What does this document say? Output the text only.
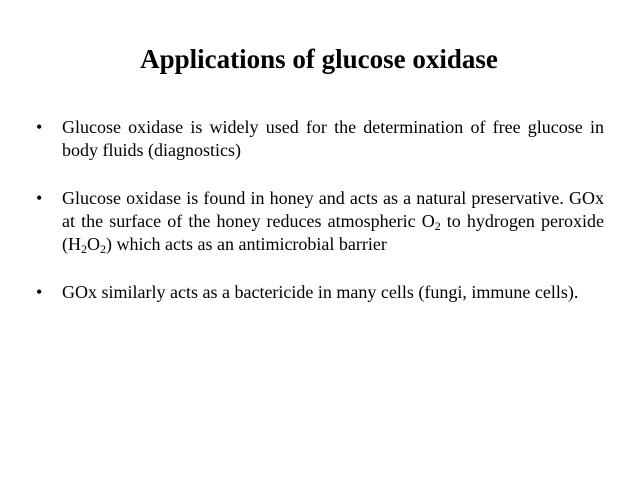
Applications of glucose oxidase
• Glucose oxidase is widely used for the determination of free glucose in body fluids (diagnostics)
• Glucose oxidase is found in honey and acts as a natural preservative. GOx at the surface of the honey reduces atmospheric $O_2$ to hydrogen peroxide $(H_2O_2)$ which acts as an antimicrobial barrier
• GOx similarly acts as a bactericide in many cells (fungi, immune cells).
